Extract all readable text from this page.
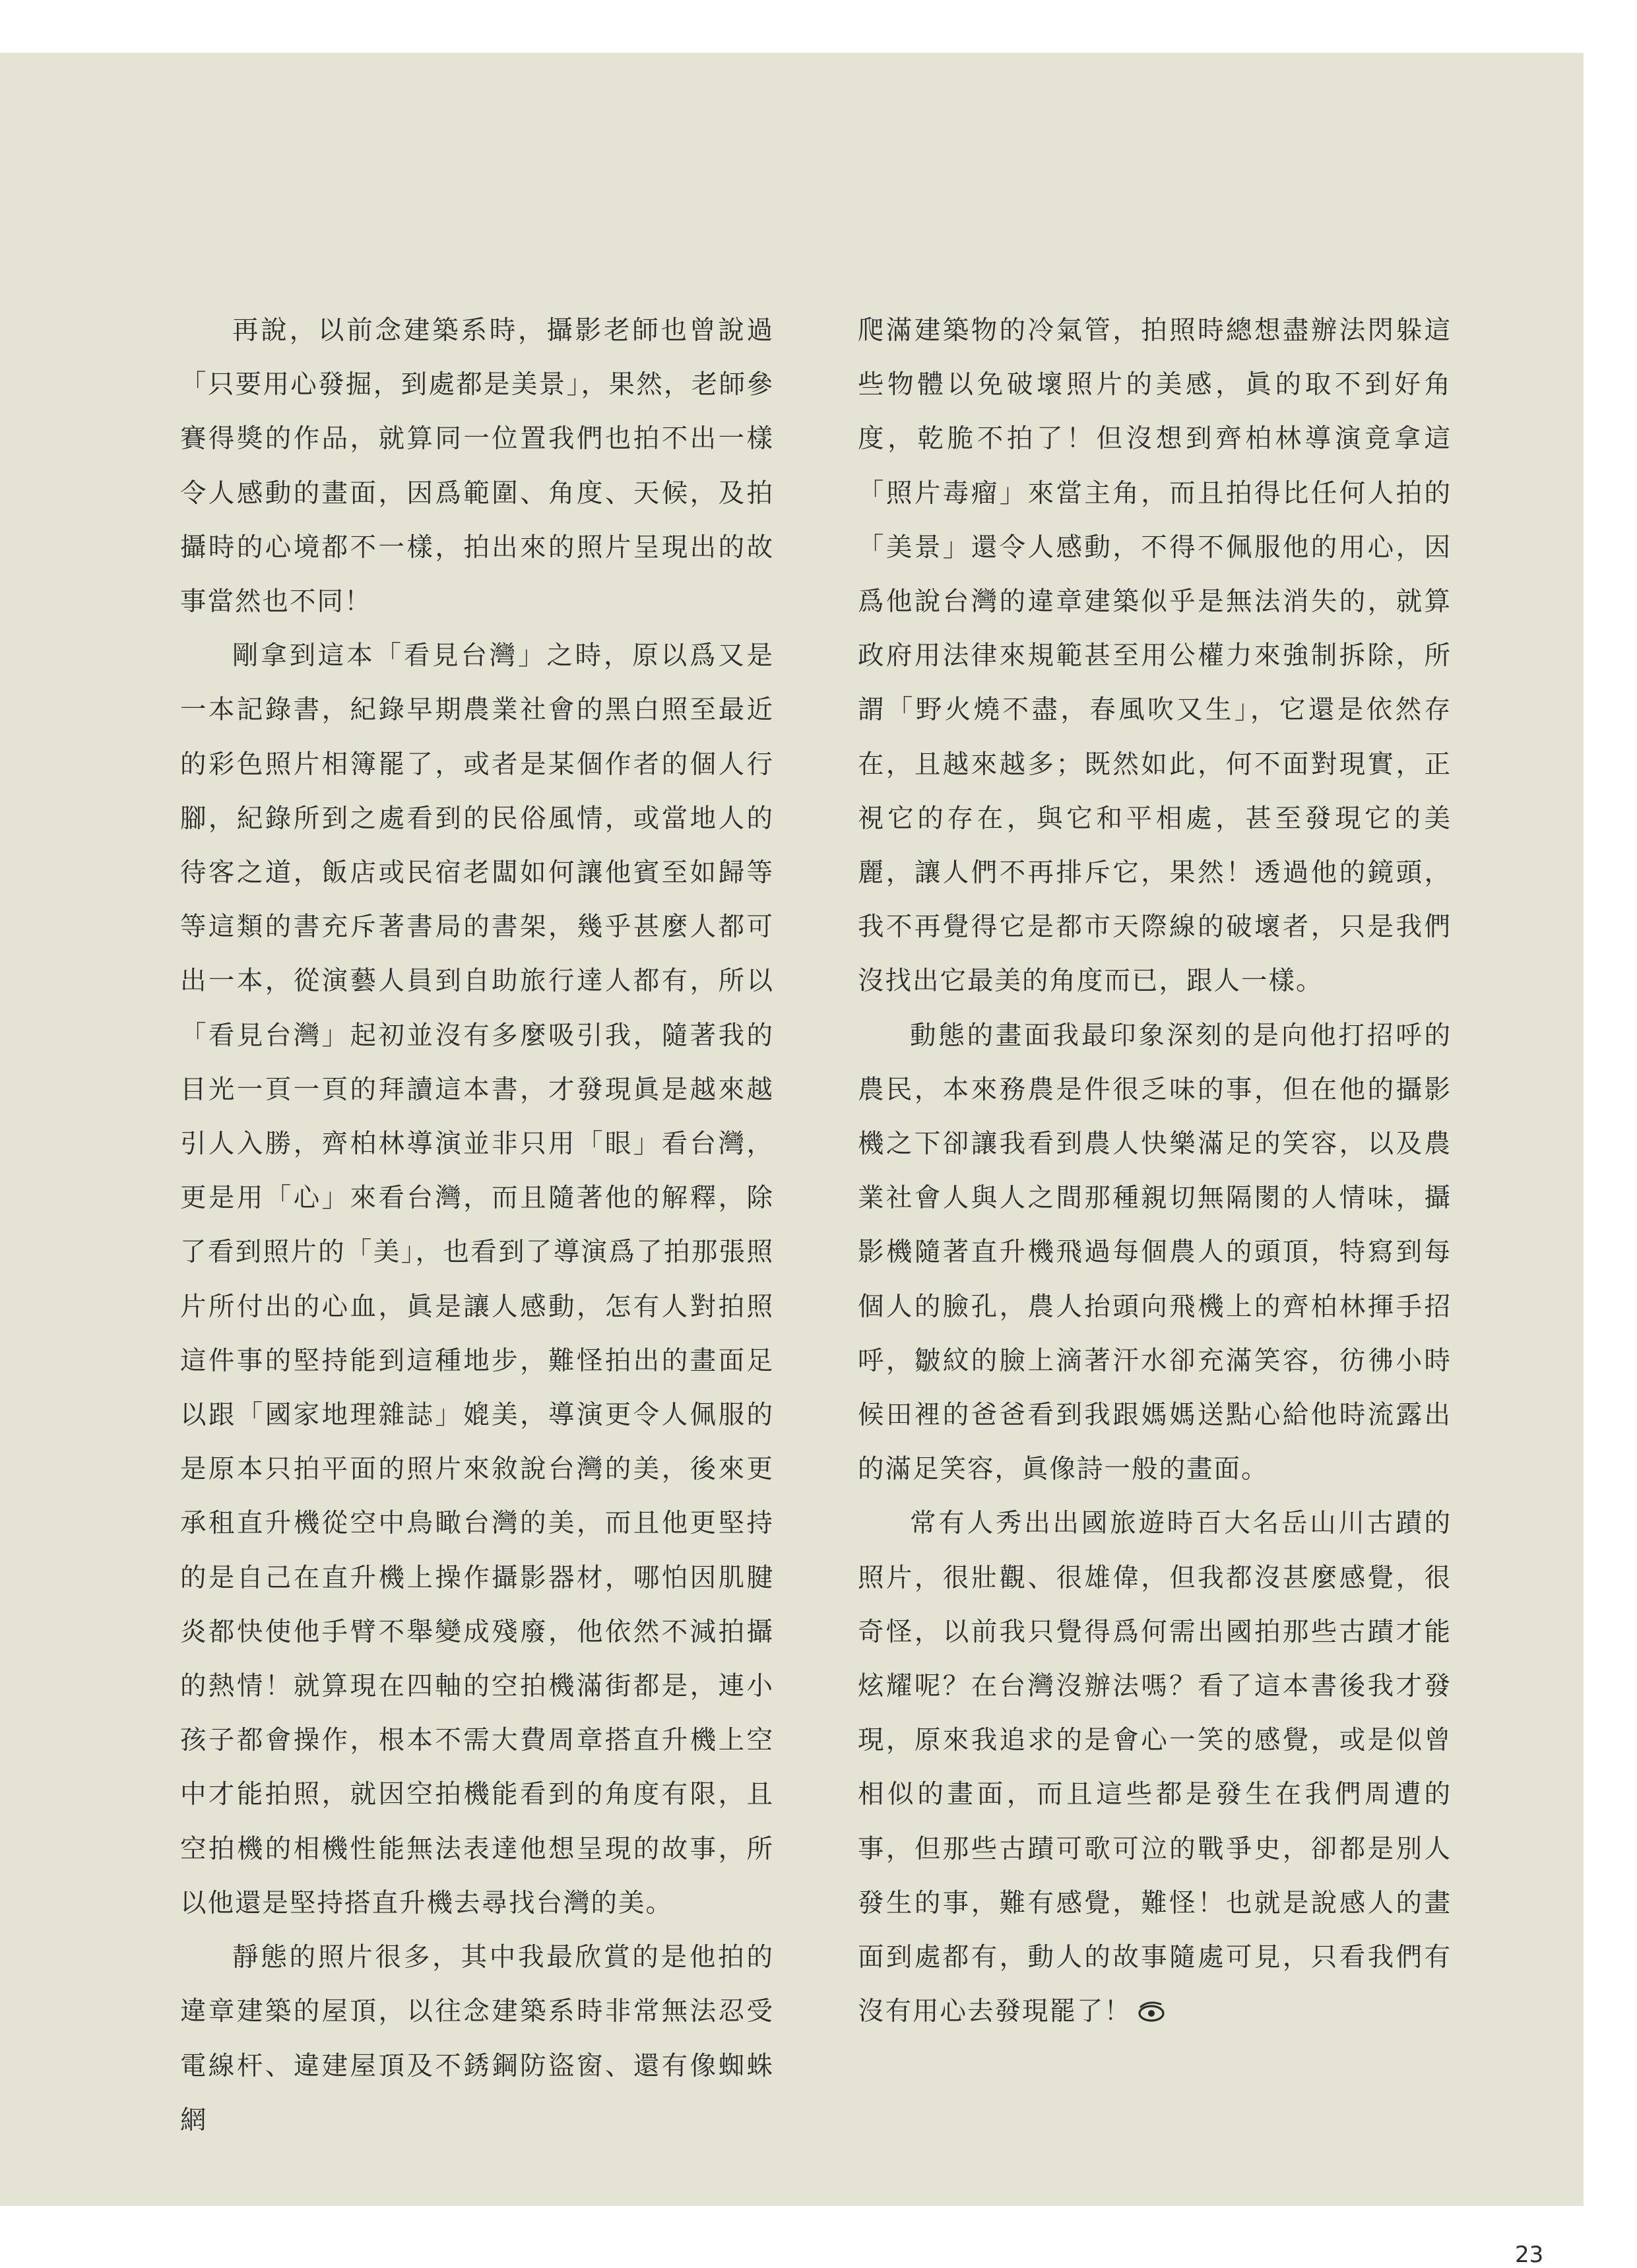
再說，以前念建築系時，攝影老師也曾說過「只要用心發掘，到處都是美景」，果然，老師參賽得獎的作品，就算同一位置我們也拍不出一樣令人感動的畫面，因爲範圍、角度、天候，及拍攝時的心境都不一樣，拍出來的照片呈現出的故事當然也不同！

剛拿到這本「看見台灣」之時，原以爲又是一本記錄書，紀錄早期農業社會的黑白照至最近的彩色照片相簿罷了，或者是某個作者的個人行腳，紀錄所到之處看到的民俗風情，或當地人的待客之道，飯店或民宿老闆如何讓他賓至如歸等等這類的書充斥著書局的書架，幾乎甚麼人都可出一本，從演藝人員到自助旅行達人都有，所以「看見台灣」起初並沒有多麼吸引我，隨著我的目光一頁一頁的拜讀這本書，才發現眞是越來越引人入勝，齊柏林導演並非只用「眼」看台灣，更是用「心」來看台灣，而且隨著他的解釋，除了看到照片的「美」，也看到了導演爲了拍那張照片所付出的心血，眞是讓人感動，怎有人對拍照這件事的堅持能到這種地步，難怪拍出的畫面足以跟「國家地理雜誌」媲美，導演更令人佩服的是原本只拍平面的照片來敘說台灣的美，後來更承租直升機從空中鳥瞰台灣的美，而且他更堅持的是自己在直升機上操作攝影器材，哪怕因肌腱炎都快使他手臂不舉變成殘廢，他依然不減拍攝的熱情！就算現在四軸的空拍機滿街都是，連小孩子都會操作，根本不需大費周章搭直升機上空中才能拍照，就因空拍機能看到的角度有限，且空拍機的相機性能無法表達他想呈現的故事，所以他還是堅持搭直升機去尋找台灣的美。

靜態的照片很多，其中我最欣賞的是他拍的違章建築的屋頂，以往念建築系時非常無法忍受電線杆、違建屋頂及不銹鋼防盜窗、還有像蜘蛛網

爬滿建築物的冷氣管，拍照時總想盡辦法閃躲這些物體以免破壞照片的美感，眞的取不到好角度，乾脆不拍了！但沒想到齊柏林導演竟拿這「照片毒瘤」來當主角，而且拍得比任何人拍的「美景」還令人感動，不得不佩服他的用心，因爲他說台灣的違章建築似乎是無法消失的，就算政府用法律來規範甚至用公權力來強制拆除，所謂「野火燒不盡，春風吹又生」，它還是依然存在，且越來越多；既然如此，何不面對現實，正視它的存在，與它和平相處，甚至發現它的美麗，讓人們不再排斥它，果然！透過他的鏡頭，我不再覺得它是都市天際線的破壞者，只是我們沒找出它最美的角度而已，跟人一樣。

動態的畫面我最印象深刻的是向他打招呼的農民，本來務農是件很乏味的事，但在他的攝影機之下卻讓我看到農人快樂滿足的笑容，以及農業社會人與人之間那種親切無隔閡的人情味，攝影機隨著直升機飛過每個農人的頭頂，特寫到每個人的臉孔，農人抬頭向飛機上的齊柏林揮手招呼，皺紋的臉上滴著汗水卻充滿笑容，彷彿小時候田裡的爸爸看到我跟媽媽送點心給他時流露出的滿足笑容，眞像詩一般的畫面。

常有人秀出出國旅遊時百大名岳山川古蹟的照片，很壯觀、很雄偉，但我都沒甚麼感覺，很奇怪，以前我只覺得爲何需出國拍那些古蹟才能炫耀呢？在台灣沒辦法嗎？看了這本書後我才發現，原來我追求的是會心一笑的感覺，或是似曾相似的畫面，而且這些都是發生在我們周遭的事，但那些古蹟可歌可泣的戰爭史，卻都是別人發生的事，難有感覺，難怪！也就是說感人的畫面到處都有，動人的故事隨處可見，只看我們有沒有用心去發現罷了！

23
